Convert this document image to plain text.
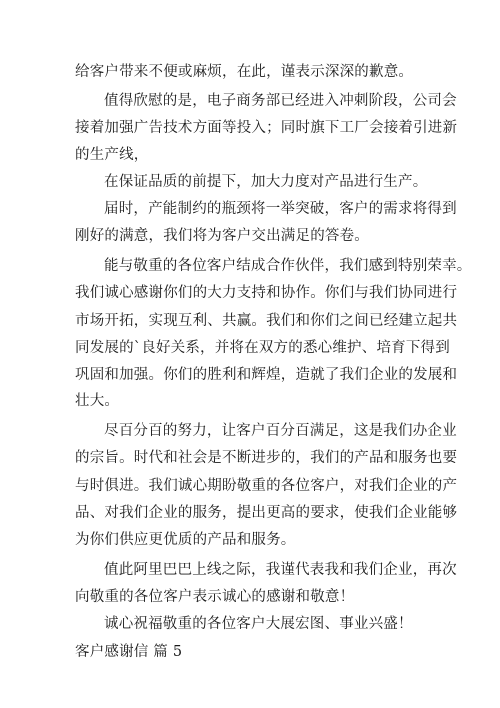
给客户带来不便或麻烦，在此，谨表示深深的歉意。
值得欣慰的是，电子商务部已经进入冲刺阶段，公司会
接着加强广告技术方面等投入；同时旗下工厂会接着引进新
的生产线，
在保证品质的前提下，加大力度对产品进行生产。
届时，产能制约的瓶颈将一举突破，客户的需求将得到
刚好的满意，我们将为客户交出满足的答卷。
能与敬重的各位客户结成合作伙伴，我们感到特别荣幸。
我们诚心感谢你们的大力支持和协作。你们与我们协同进行
市场开拓，实现互利、共赢。我们和你们之间已经建立起共
同发展的`良好关系，并将在双方的悉心维护、培育下得到
巩固和加强。你们的胜利和辉煌，造就了我们企业的发展和
壮大。
尽百分百的努力，让客户百分百满足，这是我们办企业
的宗旨。时代和社会是不断进步的，我们的产品和服务也要
与时俱进。我们诚心期盼敬重的各位客户，对我们企业的产
品、对我们企业的服务，提出更高的要求，使我们企业能够
为你们供应更优质的产品和服务。
值此阿里巴巴上线之际，我谨代表我和我们企业，再次
向敬重的各位客户表示诚心的感谢和敬意！
诚心祝福敬重的各位客户大展宏图、事业兴盛！
客户感谢信 篇 5
